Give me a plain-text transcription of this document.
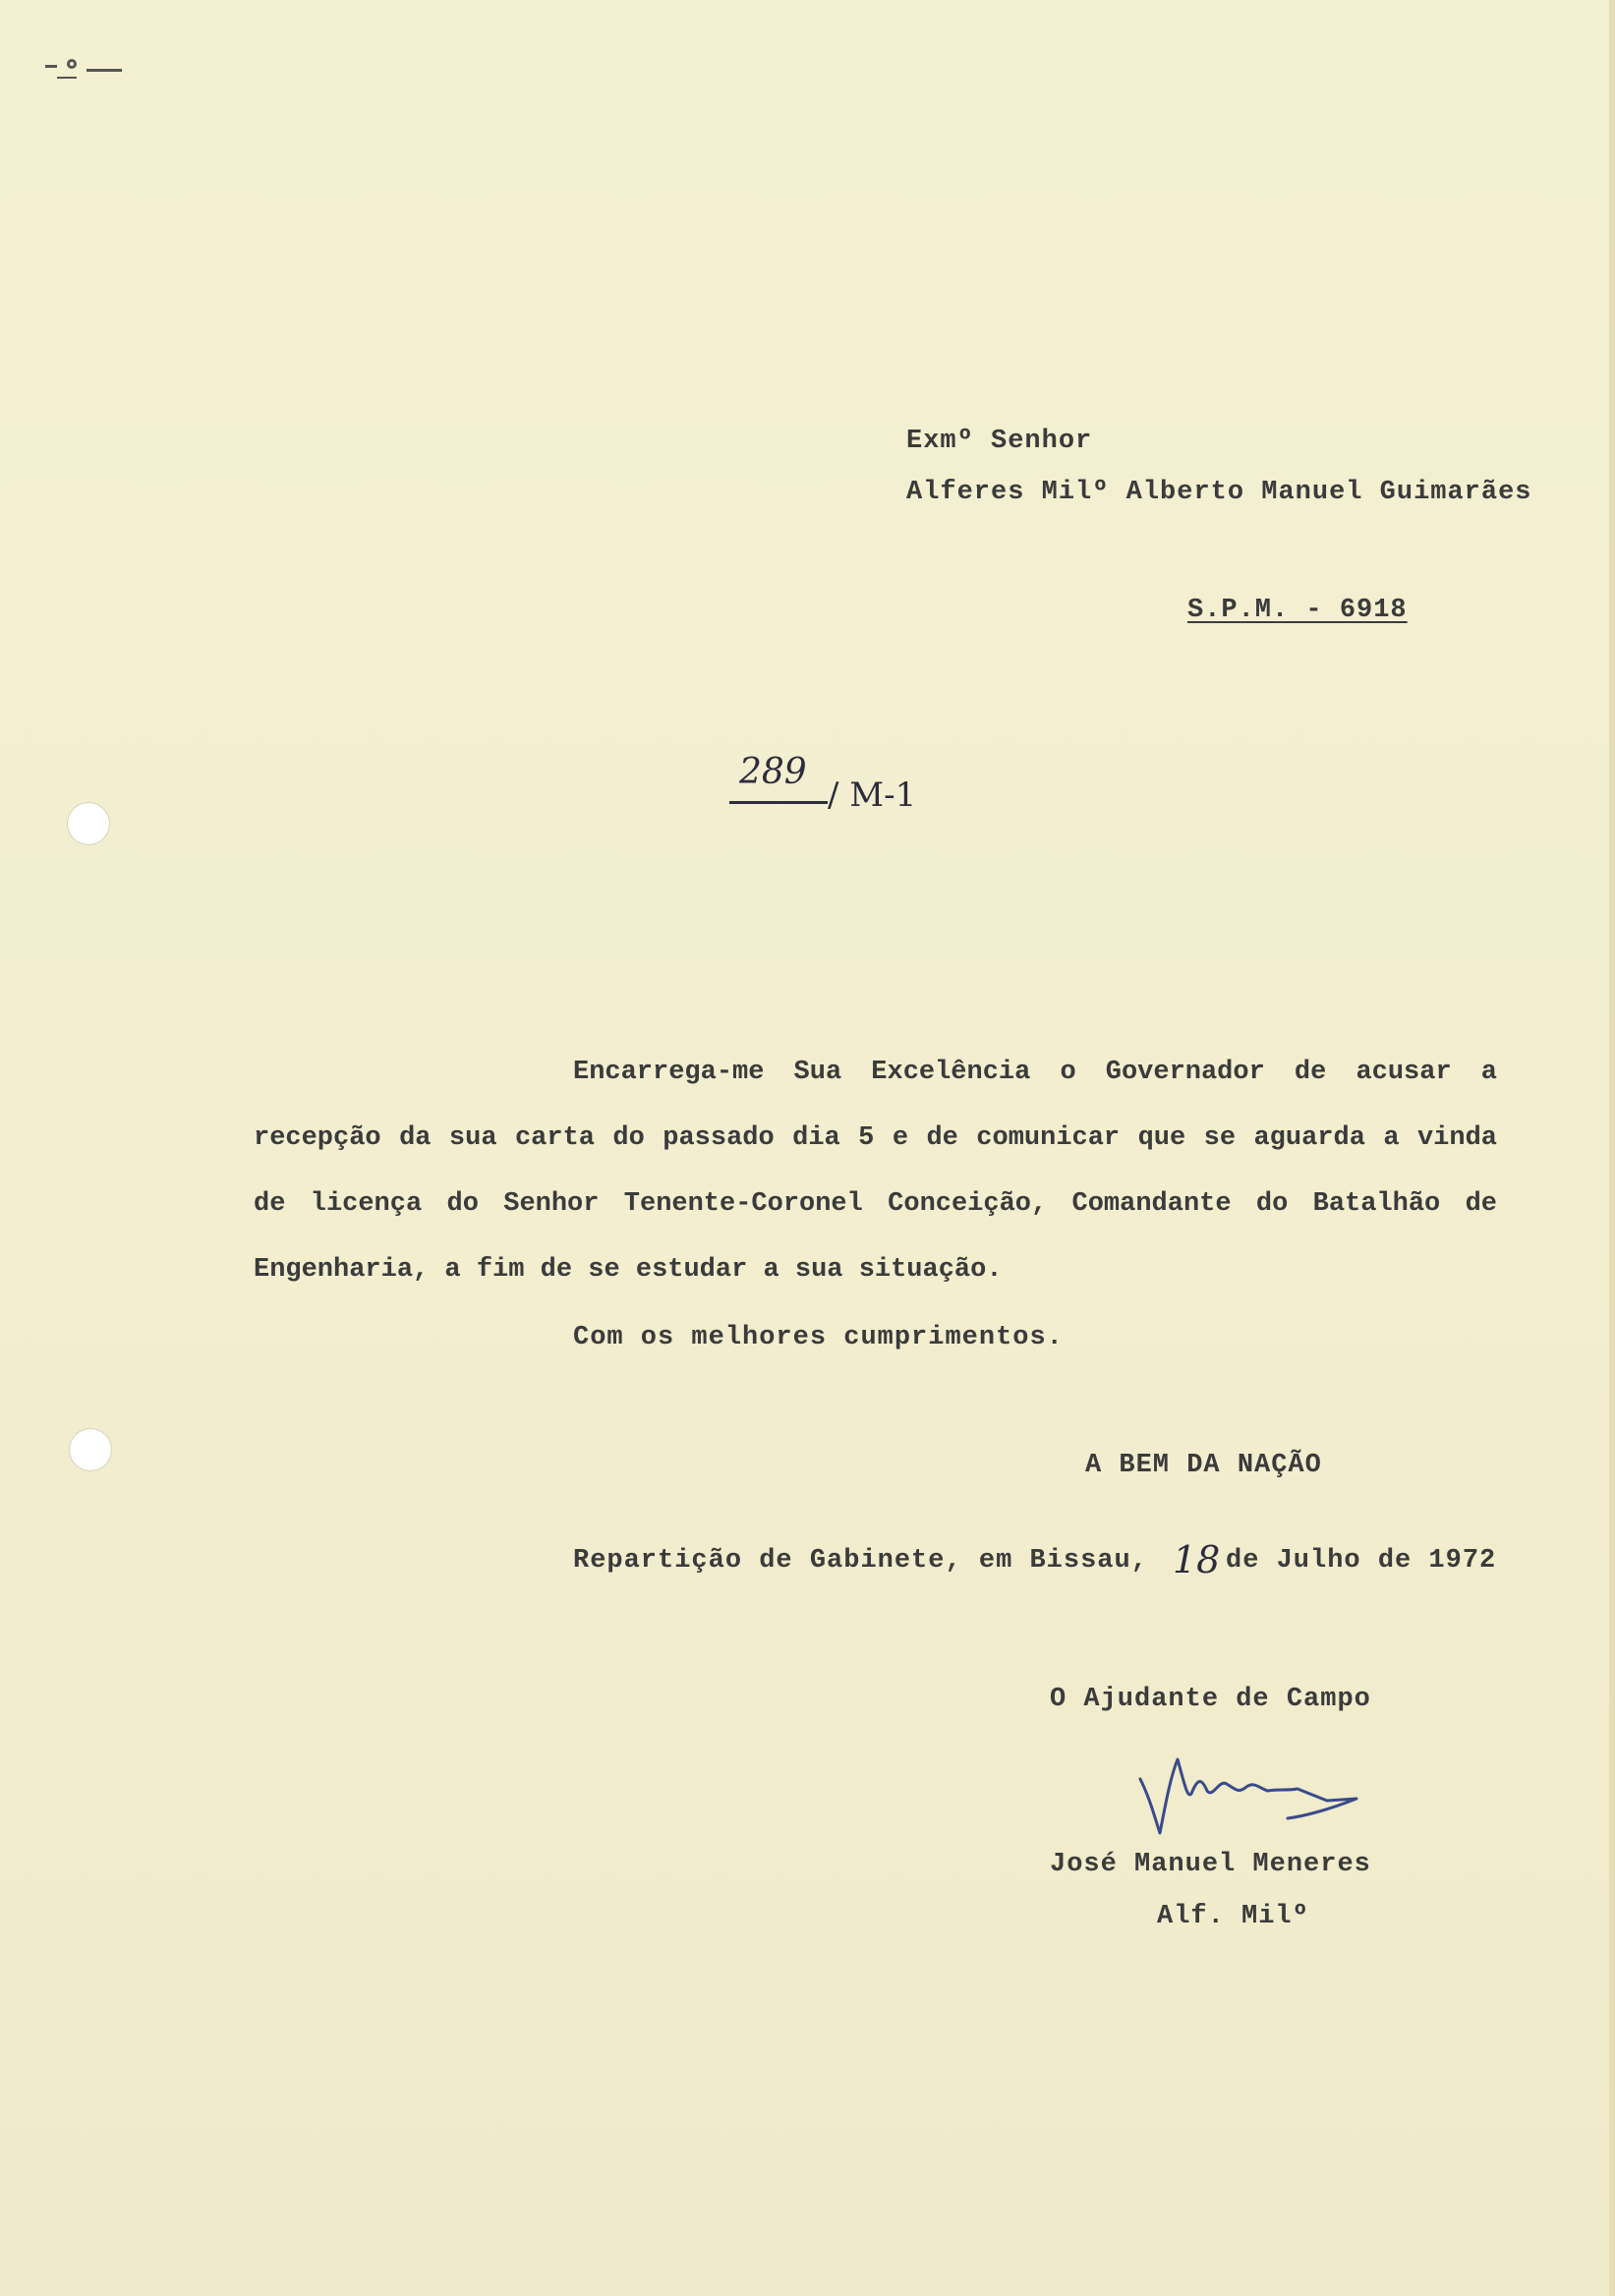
Exmº Senhor
Alferes Milº Alberto Manuel Guimarães
S.P.M. - 6918
289
/ M-1
Encarrega-me Sua Excelência o Governador de acusar a recepção da sua carta do passado dia 5 e de comunicar que se aguarda a vinda de licença do Senhor Tenente-Coronel Conceição, Comandante do Batalhão de Engenharia, a fim de se estudar a sua situação.
Com os melhores cumprimentos.
A BEM DA NAÇÃO
Repartição de Gabinete, em Bissau, 18 de Julho de 1972
O Ajudante de Campo
José Manuel Meneres
Alf. Milº
